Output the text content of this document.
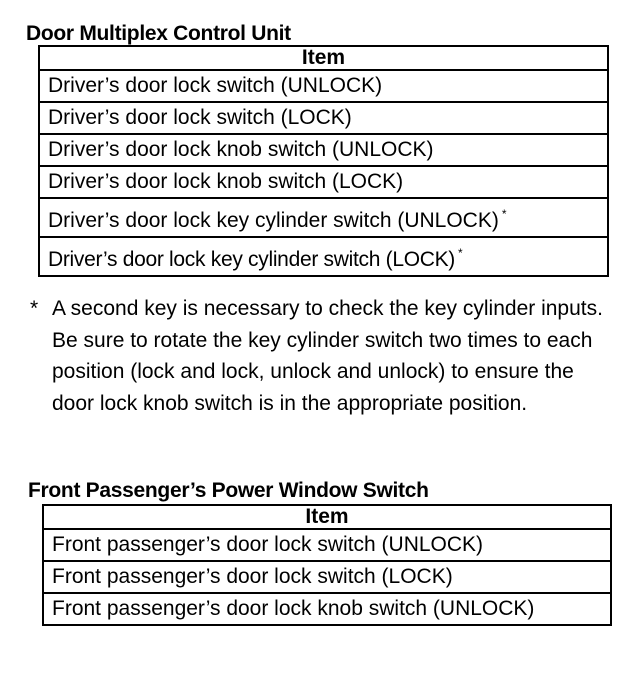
Door Multiplex Control Unit
Item
Driver’s door lock switch (UNLOCK)
Driver’s door lock switch (LOCK)
Driver’s door lock knob switch (UNLOCK)
Driver’s door lock knob switch (LOCK)
Driver’s door lock key cylinder switch (UNLOCK) *
Driver’s door lock key cylinder switch (LOCK) *
* A second key is necessary to check the key cylinder inputs. Be sure to rotate the key cylinder switch two times to each position (lock and lock, unlock and unlock) to ensure the door lock knob switch is in the appropriate position.
Front Passenger’s Power Window Switch
Item
Front passenger’s door lock switch (UNLOCK)
Front passenger’s door lock switch (LOCK)
Front passenger’s door lock knob switch (UNLOCK)
